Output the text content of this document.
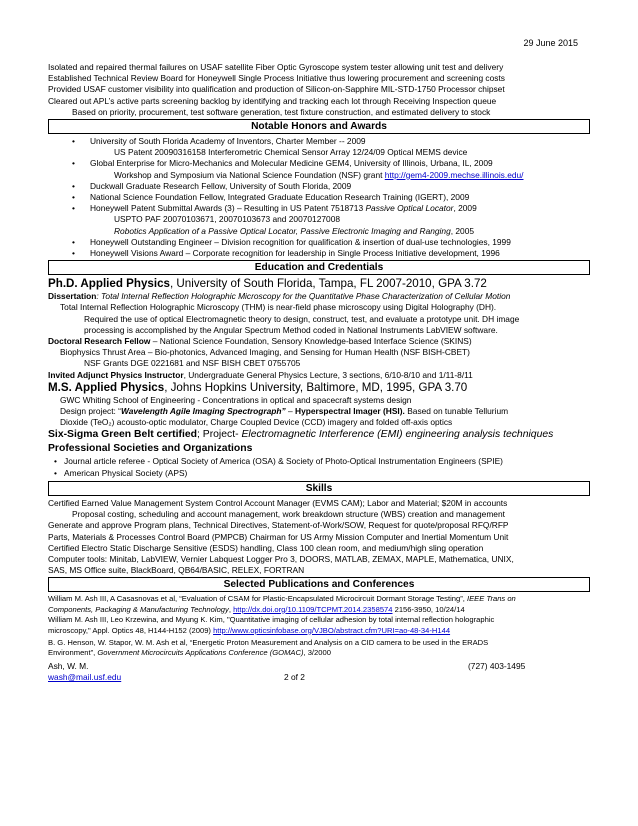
29 June 2015
Isolated and repaired thermal failures on USAF satellite Fiber Optic Gyroscope system tester allowing unit test and delivery
Established Technical Review Board for Honeywell Single Process Initiative thus lowering procurement and screening costs
Provided USAF customer visibility into qualification and production of Silicon-on-Sapphire MIL-STD-1750 Processor chipset
Cleared out APL’s active parts screening backlog by identifying and tracking each lot through Receiving Inspection queue
Based on priority, procurement, test software generation, test fixture construction, and estimated delivery to stock
Notable Honors and Awards
• University of South Florida Academy of Inventors, Charter Member -- 2009
US Patent 20090316158 Interferometric Chemical Sensor Array 12/24/09 Optical MEMS device
• Global Enterprise for Micro-Mechanics and Molecular Medicine GEM4, University of Illinois, Urbana, IL, 2009
Workshop and Symposium via National Science Foundation (NSF) grant http://gem4-2009.mechse.illinois.edu/
• Duckwall Graduate Research Fellow, University of South Florida, 2009
• National Science Foundation Fellow, Integrated Graduate Education Research Training (IGERT), 2009
• Honeywell Patent Submittal Awards (3) – Resulting in US Patent 7518713 Passive Optical Locator, 2009
USPTO PAF 20070103671, 20070103673 and 20070127008
Robotics Application of a Passive Optical Locator, Passive Electronic Imaging and Ranging, 2005
• Honeywell Outstanding Engineer – Division recognition for qualification & insertion of dual-use technologies, 1999
• Honeywell Visions Award – Corporate recognition for leadership in Single Process Initiative development, 1996
Education and Credentials
Ph.D. Applied Physics, University of South Florida, Tampa, FL 2007-2010, GPA 3.72
Dissertation: Total Internal Reflection Holographic Microscopy for the Quantitative Phase Characterization of Cellular Motion
Total Internal Reflection Holographic Microscopy (THM) is near-field phase microscopy using Digital Holography (DH).
Required the use of optical Electromagnetic theory to design, construct, test, and evaluate a prototype unit. DH image
processing is accomplished by the Angular Spectrum Method coded in National Instruments LabVIEW software.
Doctoral Research Fellow – National Science Foundation, Sensory Knowledge-based Interface Science (SKINS)
Biophysics Thrust Area – Bio-photonics, Advanced Imaging, and Sensing for Human Health (NSF BISH-CBET)
NSF Grants DGE 0221681 and NSF BISH CBET 0755705
Invited Adjunct Physics Instructor, Undergraduate General Physics Lecture, 3 sections, 6/10-8/10 and 1/11-8/11
M.S. Applied Physics, Johns Hopkins University, Baltimore, MD, 1995, GPA 3.70
GWC Whiting School of Engineering - Concentrations in optical and spacecraft systems design
Design project: “Wavelength Agile Imaging Spectrograph” – Hyperspectral Imager (HSI). Based on tunable Tellurium
Dioxide (TeO₂) acousto-optic modulator, Charge Coupled Device (CCD) imagery and folded off-axis optics
Six-Sigma Green Belt certified; Project- Electromagnetic Interference (EMI) engineering analysis techniques
Professional Societies and Organizations
• Journal article referee - Optical Society of America (OSA) & Society of Photo-Optical Instrumentation Engineers (SPIE)
• American Physical Society (APS)
Skills
Certified Earned Value Management System Control Account Manager (EVMS CAM); Labor and Material; $20M in accounts
Proposal costing, scheduling and account management, work breakdown structure (WBS) creation and management
Generate and approve Program plans, Technical Directives, Statement-of-Work/SOW, Request for quote/proposal RFQ/RFP
Parts, Materials & Processes Control Board (PMPCB) Chairman for US Army Mission Computer and Inertial Momentum Unit
Certified Electro Static Discharge Sensitive (ESDS) handling, Class 100 clean room, and medium/high sling operation
Computer tools: Minitab, LabVIEW, Vernier Labquest Logger Pro 3, DOORS, MATLAB, ZEMAX, MAPLE, Mathematica, UNIX,
SAS, MS Office suite, BlackBoard, QB64/BASIC, RELEX, FORTRAN
Selected Publications and Conferences
William M. Ash III, A Casasnovas et al, “Evaluation of CSAM for Plastic-Encapsulated Microcircuit Dormant Storage Testing”, IEEE Trans on
Components, Packaging & Manufacturing Technology, http://dx.doi.org/10.1109/TCPMT.2014.2358574 2156-3950, 10/24/14
William M. Ash III, Leo Krzewina, and Myung K. Kim, "Quantitative imaging of cellular adhesion by total internal reflection holographic
microscopy," Appl. Optics 48, H144-H152 (2009) http://www.opticsinfobase.org/VJBO/abstract.cfm?URI=ao-48-34-H144
B. G. Henson, W. Stapor, W. M. Ash et al, “Energetic Proton Measurement and Analysis on a CID camera to be used in the ERADS
Environment”, Government Microcircuits Applications Conference (GOMAC), 3/2000
Ash, W. M.	(727) 403-1495
wash@mail.usf.edu	2 of 2
